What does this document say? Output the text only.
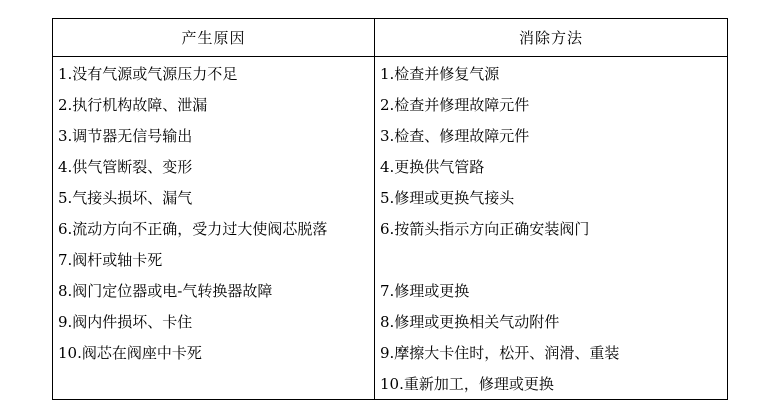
产生原因	消除方法
1.没有气源或气源压力不足
2.执行机构故障、泄漏
3.调节器无信号输出
4.供气管断裂、变形
5.气接头损坏、漏气
6.流动方向不正确，受力过大使阀芯脱落
7.阀杆或轴卡死
8.阀门定位器或电-气转换器故障
9.阀内件损坏、卡住
10.阀芯在阀座中卡死
1.检查并修复气源
2.检查并修理故障元件
3.检查、修理故障元件
4.更换供气管路
5.修理或更换气接头
6.按箭头指示方向正确安装阀门
7.修理或更换
8.修理或更换相关气动附件
9.摩擦大卡住时，松开、润滑、重装
10.重新加工，修理或更换
